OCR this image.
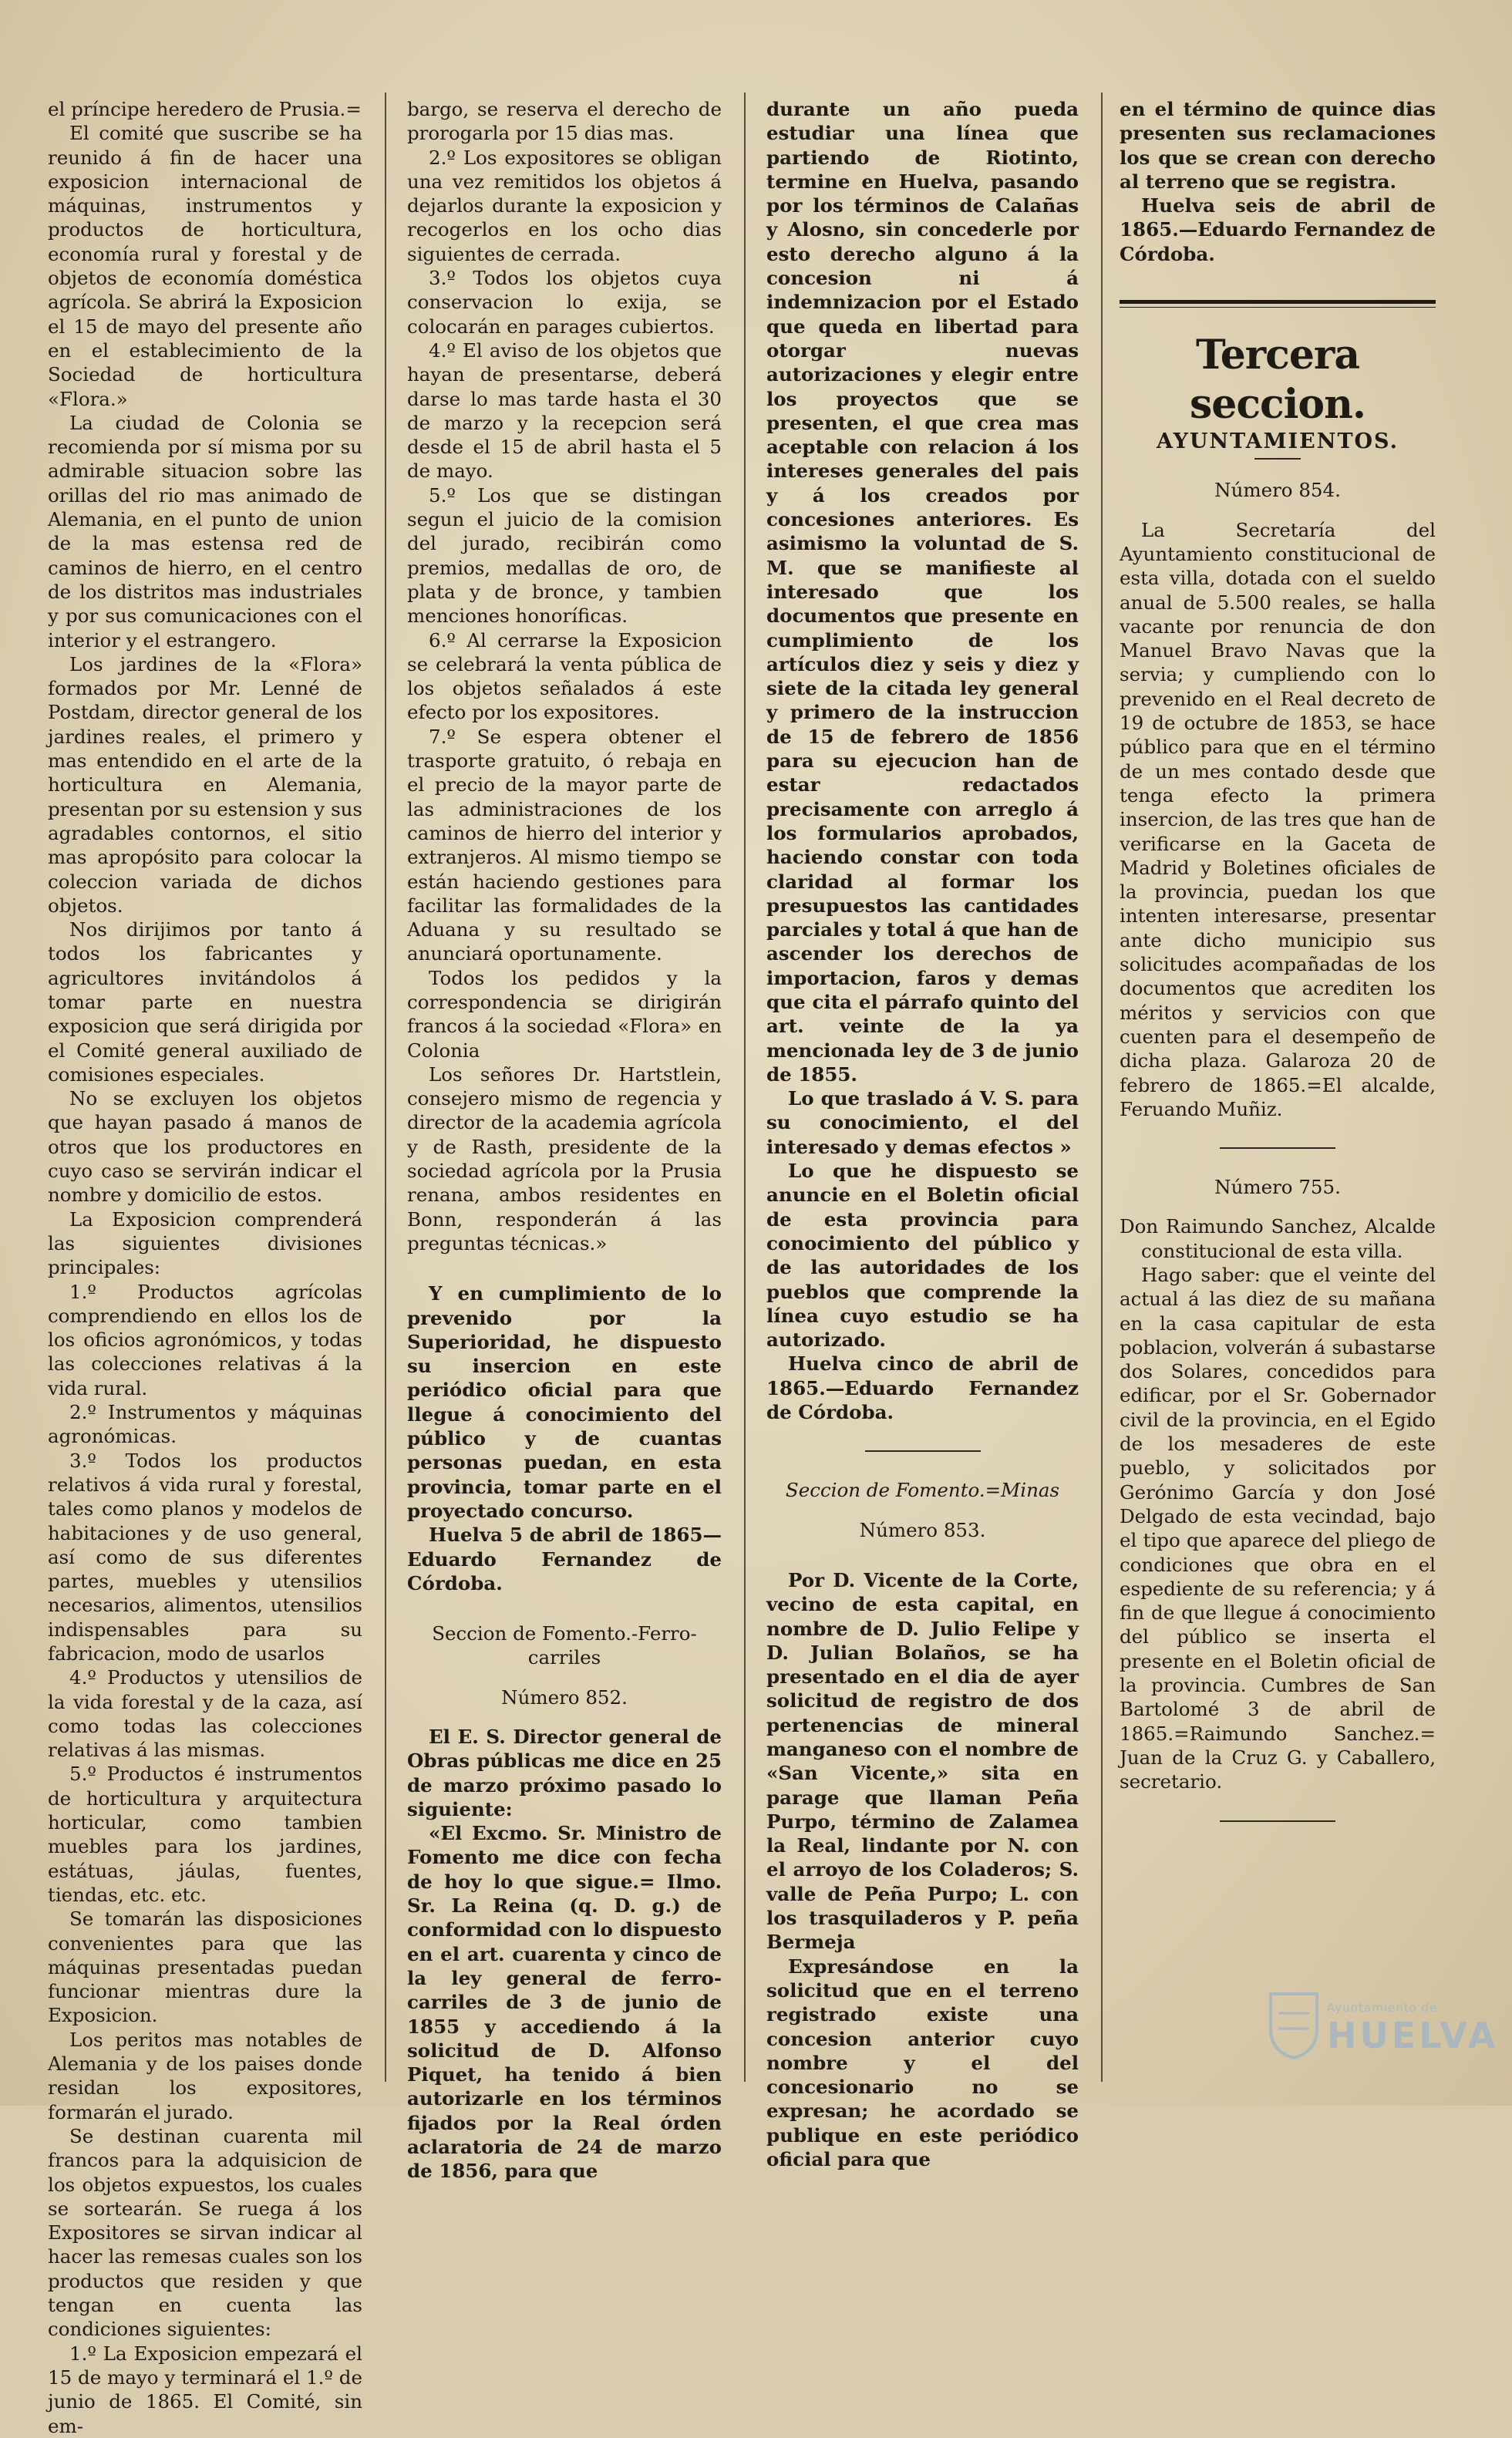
el príncipe heredero de Prusia.=

El comité que suscribe se ha reunido á fin de hacer una exposicion internacional de máquinas, instrumentos y productos de horticultura, economía rural y forestal y de objetos de economía doméstica agrícola. Se abrirá la Exposicion el 15 de mayo del presente año en el establecimiento de la Sociedad de horticultura «Flora.»

La ciudad de Colonia se recomienda por sí misma por su admirable situacion sobre las orillas del rio mas animado de Alemania, en el punto de union de la mas estensa red de caminos de hierro, en el centro de los distritos mas industriales y por sus comunicaciones con el interior y el estrangero.

Los jardines de la «Flora» formados por Mr. Lenné de Postdam, director general de los jardines reales, el primero y mas entendido en el arte de la horticultura en Alemania, presentan por su estension y sus agradables contornos, el sitio mas apropósito para colocar la coleccion variada de dichos objetos.

Nos dirijimos por tanto á todos los fabricantes y agricultores invitándolos á tomar parte en nuestra exposicion que será dirigida por el Comité general auxiliado de comisiones especiales.

No se excluyen los objetos que hayan pasado á manos de otros que los productores en cuyo caso se servirán indicar el nombre y domicilio de estos.

La Exposicion comprenderá las siguientes divisiones principales:

1.º Productos agrícolas comprendiendo en ellos los de los oficios agronómicos, y todas las colecciones relativas á la vida rural.

2.º Instrumentos y máquinas agronómicas.

3.º Todos los productos relativos á vida rural y forestal, tales como planos y modelos de habitaciones y de uso general, así como de sus diferentes partes, muebles y utensilios necesarios, alimentos, utensilios indispensables para su fabricacion, modo de usarlos

4.º Productos y utensilios de la vida forestal y de la caza, así como todas las colecciones relativas á las mismas.

5.º Productos é instrumentos de horticultura y arquitectura horticular, como tambien muebles para los jardines, estátuas, jáulas, fuentes, tiendas, etc. etc.

Se tomarán las disposiciones convenientes para que las máquinas presentadas puedan funcionar mientras dure la Exposicion.

Los peritos mas notables de Alemania y de los paises donde residan los expositores, formarán el jurado.

Se destinan cuarenta mil francos para la adquisicion de los objetos expuestos, los cuales se sortearán. Se ruega á los Expositores se sirvan indicar al hacer las remesas cuales son los productos que residen y que tengan en cuenta las condiciones siguientes:

1.º La Exposicion empezará el 15 de mayo y terminará el 1.º de junio de 1865. El Comité, sin em-

bargo, se reserva el derecho de prorogarla por 15 dias mas.

2.º Los expositores se obligan una vez remitidos los objetos á dejarlos durante la exposicion y recogerlos en los ocho dias siguientes de cerrada.

3.º Todos los objetos cuya conservacion lo exija, se colocarán en parages cubiertos.

4.º El aviso de los objetos que hayan de presentarse, deberá darse lo mas tarde hasta el 30 de marzo y la recepcion será desde el 15 de abril hasta el 5 de mayo.

5.º Los que se distingan segun el juicio de la comision del jurado, recibirán como premios, medallas de oro, de plata y de bronce, y tambien menciones honoríficas.

6.º Al cerrarse la Exposicion se celebrará la venta pública de los objetos señalados á este efecto por los expositores.

7.º Se espera obtener el trasporte gratuito, ó rebaja en el precio de la mayor parte de las administraciones de los caminos de hierro del interior y extranjeros. Al mismo tiempo se están haciendo gestiones para facilitar las formalidades de la Aduana y su resultado se anunciará oportunamente.

Todos los pedidos y la correspondencia se dirigirán francos á la sociedad «Flora» en Colonia

Los señores Dr. Hartstlein, consejero mismo de regencia y director de la academia agrícola y de Rasth, presidente de la sociedad agrícola por la Prusia renana, ambos residentes en Bonn, responderán á las preguntas técnicas.»

Y en cumplimiento de lo prevenido por la Superioridad, he dispuesto su insercion en este periódico oficial para que llegue á conocimiento del público y de cuantas personas puedan, en esta provincia, tomar parte en el proyectado concurso.

Huelva 5 de abril de 1865—Eduardo Fernandez de Córdoba.

Seccion de Fomento.-Ferro-carriles

Número 852.

El E. S. Director general de Obras públicas me dice en 25 de marzo próximo pasado lo siguiente:

«El Excmo. Sr. Ministro de Fomento me dice con fecha de hoy lo que sigue.= Ilmo. Sr. La Reina (q. D. g.) de conformidad con lo dispuesto en el art. cuarenta y cinco de la ley general de ferro-carriles de 3 de junio de 1855 y accediendo á la solicitud de D. Alfonso Piquet, ha tenido á bien autorizarle en los términos fijados por la Real órden aclaratoria de 24 de marzo de 1856, para que

durante un año pueda estudiar una línea que partiendo de Riotinto, termine en Huelva, pasando por los términos de Calañas y Alosno, sin concederle por esto derecho alguno á la concesion ni á indemnizacion por el Estado que queda en libertad para otorgar nuevas autorizaciones y elegir entre los proyectos que se presenten, el que crea mas aceptable con relacion á los intereses generales del pais y á los creados por concesiones anteriores. Es asimismo la voluntad de S. M. que se manifieste al interesado que los documentos que presente en cumplimiento de los artículos diez y seis y diez y siete de la citada ley general y primero de la instruccion de 15 de febrero de 1856 para su ejecucion han de estar redactados precisamente con arreglo á los formularios aprobados, haciendo constar con toda claridad al formar los presupuestos las cantidades parciales y total á que han de ascender los derechos de importacion, faros y demas que cita el párrafo quinto del art. veinte de la ya mencionada ley de 3 de junio de 1855.

Lo que traslado á V. S. para su conocimiento, el del interesado y demas efectos »

Lo que he dispuesto se anuncie en el Boletin oficial de esta provincia para conocimiento del público y de las autoridades de los pueblos que comprende la línea cuyo estudio se ha autorizado.

Huelva cinco de abril de 1865.—Eduardo Fernandez de Córdoba.

Seccion de Fomento.=Minas

Número 853.

Por D. Vicente de la Corte, vecino de esta capital, en nombre de D. Julio Felipe y D. Julian Bolaños, se ha presentado en el dia de ayer solicitud de registro de dos pertenencias de mineral manganeso con el nombre de «San Vicente,» sita en parage que llaman Peña Purpo, término de Zalamea la Real, lindante por N. con el arroyo de los Coladeros; S. valle de Peña Purpo; L. con los trasquiladeros y P. peña Bermeja

Expresándose en la solicitud que en el terreno registrado existe una concesion anterior cuyo nombre y el del concesionario no se expresan; he acordado se publique en este periódico oficial para que

en el término de quince dias presenten sus reclamaciones los que se crean con derecho al terreno que se registra.

Huelva seis de abril de 1865.—Eduardo Fernandez de Córdoba.

Tercera seccion.

AYUNTAMIENTOS.

Número 854.

La Secretaría del Ayuntamiento constitucional de esta villa, dotada con el sueldo anual de 5.500 reales, se halla vacante por renuncia de don Manuel Bravo Navas que la servia; y cumpliendo con lo prevenido en el Real decreto de 19 de octubre de 1853, se hace público para que en el término de un mes contado desde que tenga efecto la primera insercion, de las tres que han de verificarse en la Gaceta de Madrid y Boletines oficiales de la provincia, puedan los que intenten interesarse, presentar ante dicho municipio sus solicitudes acompañadas de los documentos que acrediten los méritos y servicios con que cuenten para el desempeño de dicha plaza. Galaroza 20 de febrero de 1865.=El alcalde, Feruando Muñiz.

Número 755.

Don Raimundo Sanchez, Alcalde constitucional de esta villa.

Hago saber: que el veinte del actual á las diez de su mañana en la casa capitular de esta poblacion, volverán á subastarse dos Solares, concedidos para edificar, por el Sr. Gobernador civil de la provincia, en el Egido de los mesaderes de este pueblo, y solicitados por Gerónimo García y don José Delgado de esta vecindad, bajo el tipo que aparece del pliego de condiciones que obra en el espediente de su referencia; y á fin de que llegue á conocimiento del público se inserta el presente en el Boletin oficial de la provincia. Cumbres de San Bartolomé 3 de abril de 1865.=Raimundo Sanchez.= Juan de la Cruz G. y Caballero, secretario.

Ayuntamiento de
HUELVA
